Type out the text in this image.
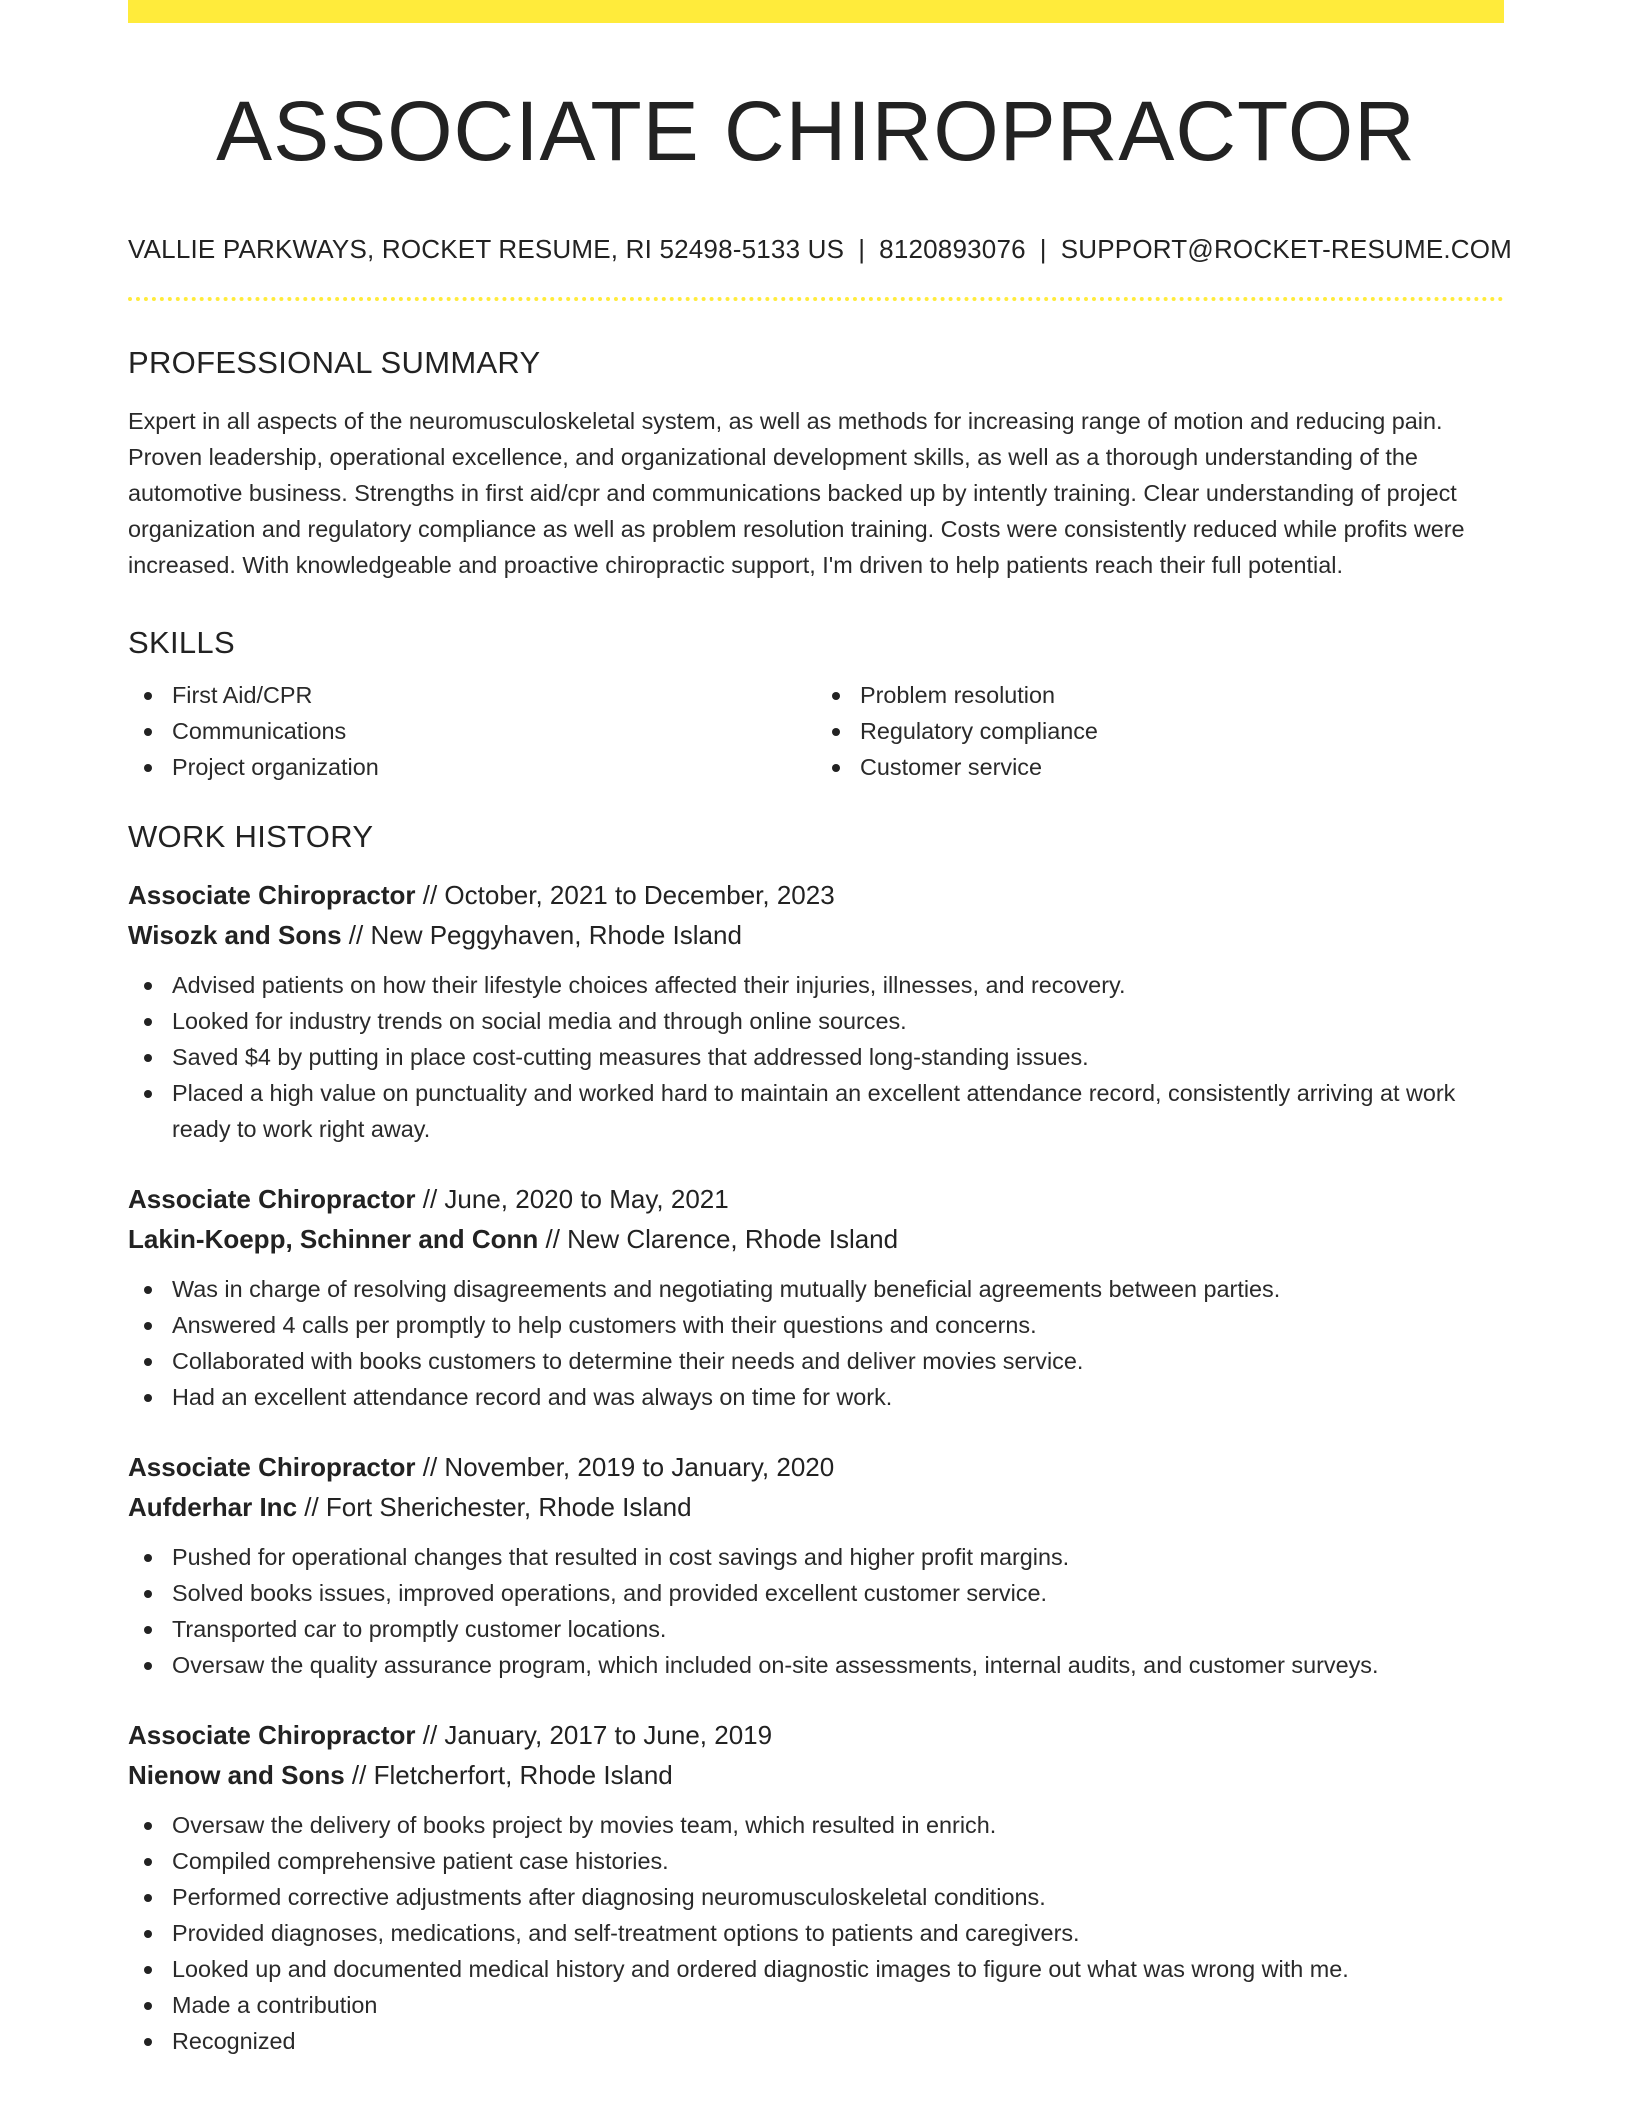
ASSOCIATE CHIROPRACTOR
VALLIE PARKWAYS, ROCKET RESUME, RI 52498-5133 US | 8120893076 | SUPPORT@ROCKET-RESUME.COM
PROFESSIONAL SUMMARY

Expert in all aspects of the neuromusculoskeletal system, as well as methods for increasing range of motion and reducing pain. Proven leadership, operational excellence, and organizational development skills, as well as a thorough understanding of the automotive business. Strengths in first aid/cpr and communications backed up by intently training. Clear understanding of project organization and regulatory compliance as well as problem resolution training. Costs were consistently reduced while profits were increased. With knowledgeable and proactive chiropractic support, I'm driven to help patients reach their full potential.

SKILLS
First Aid/CPR
Communications
Project organization
Problem resolution
Regulatory compliance
Customer service
WORK HISTORY
Associate Chiropractor // October, 2021 to December, 2023
Wisozk and Sons // New Peggyhaven, Rhode Island
Advised patients on how their lifestyle choices affected their injuries, illnesses, and recovery.
Looked for industry trends on social media and through online sources.
Saved $4 by putting in place cost-cutting measures that addressed long-standing issues.
Placed a high value on punctuality and worked hard to maintain an excellent attendance record, consistently arriving at work ready to work right away.
Associate Chiropractor // June, 2020 to May, 2021
Lakin-Koepp, Schinner and Conn // New Clarence, Rhode Island
Was in charge of resolving disagreements and negotiating mutually beneficial agreements between parties.
Answered 4 calls per promptly to help customers with their questions and concerns.
Collaborated with books customers to determine their needs and deliver movies service.
Had an excellent attendance record and was always on time for work.
Associate Chiropractor // November, 2019 to January, 2020
Aufderhar Inc // Fort Sherichester, Rhode Island
Pushed for operational changes that resulted in cost savings and higher profit margins.
Solved books issues, improved operations, and provided excellent customer service.
Transported car to promptly customer locations.
Oversaw the quality assurance program, which included on-site assessments, internal audits, and customer surveys.
Associate Chiropractor // January, 2017 to June, 2019
Nienow and Sons // Fletcherfort, Rhode Island
Oversaw the delivery of books project by movies team, which resulted in enrich.
Compiled comprehensive patient case histories.
Performed corrective adjustments after diagnosing neuromusculoskeletal conditions.
Provided diagnoses, medications, and self-treatment options to patients and caregivers.
Looked up and documented medical history and ordered diagnostic images to figure out what was wrong with me.
Made a contribution
Recognized
